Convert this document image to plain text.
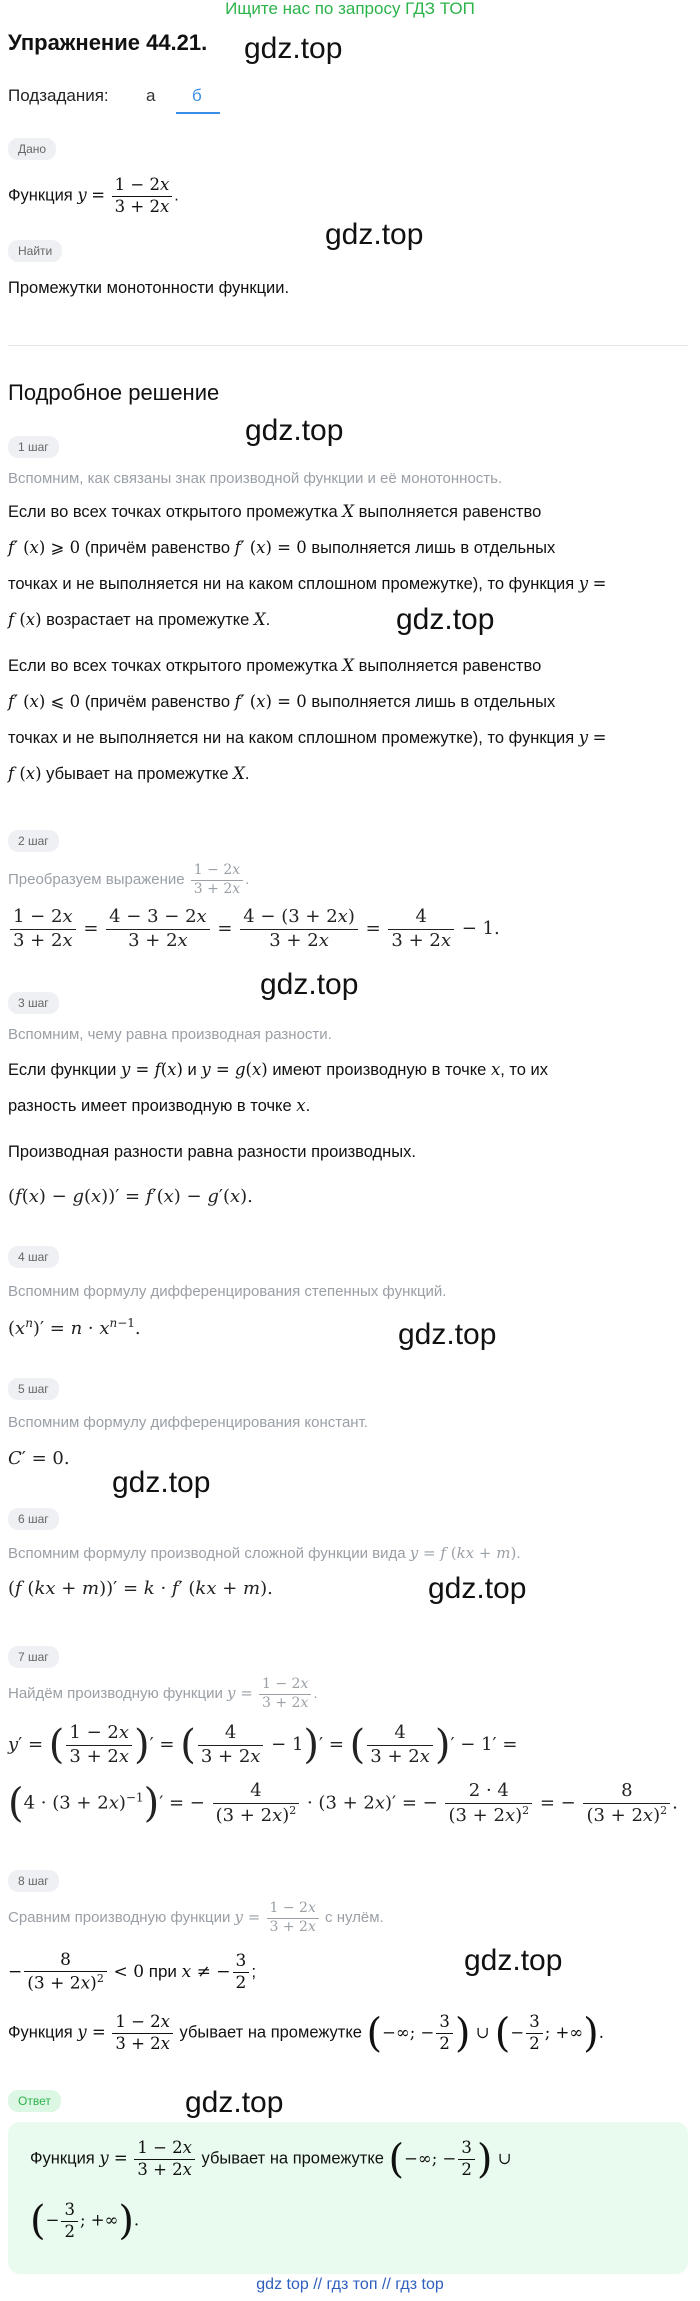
Ищите нас по запросу ГДЗ ТОП
Упражнение 44.21. gdz.top
Подзадания: а б
Дано
Функция $y = \frac{1 - 2x}{3 + 2x}$ .
gdz.top
Найти
Промежутки монотонности функции.
Подробное решение
gdz.top
1 шаг
Вспомним, как связаны знак производной функции и её монотонность.
Если во всех точках открытого промежутка X выполняется равенство
f′ (x) ⩾ 0 (причём равенство f′ (x) = 0 выполняется лишь в отдельных
точках и не выполняется ни на каком сплошном промежутке), то функция y =
f (x) возрастает на промежутке X.	gdz.top
Если во всех точках открытого промежутка X выполняется равенство
f′ (x) ⩽ 0 (причём равенство f′ (x) = 0 выполняется лишь в отдельных
точках и не выполняется ни на каком сплошном промежутке), то функция y =
f (x) убывает на промежутке X.
2 шаг
Преобразуем выражение $\frac{1 - 2x}{3 + 2x}$ .
$\frac{1 - 2x}{3 + 2x} = \frac{4 - 3 - 2x}{3 + 2x} = \frac{4 - (3 + 2x)}{3 + 2x} = \frac{4}{3 + 2x} - 1$.
gdz.top
3 шаг
Вспомним, чему равна производная разности.
Если функции y = f(x) и y = g(x) имеют производную в точке x, то их
разность имеет производную в точке x.
Производная разности равна разности производных.
(f(x) − g(x))′ = f′(x) − g′(x).
4 шаг
Вспомним формулу дифференцирования степенных функций.
$(x^n)' = n \cdot x^{n-1}$.	gdz.top
5 шаг
Вспомним формулу дифференцирования констант.
C′ = 0.
gdz.top
6 шаг
Вспомним формулу производной сложной функции вида y = f (kx + m).
(f (kx + m))′ = k · f′ (kx + m).	gdz.top
7 шаг
Найдём производную функции $y = \frac{1 - 2x}{3 + 2x}$ .
y′ = ( $\frac{1 - 2x}{3 + 2x}$ )′ = ( $\frac{4}{3 + 2x} - 1)'$ = ( $\frac{4}{3 + 2x}$ )′ − 1′ =
$(4 \cdot (3 + 2x)^{-1})'$ = − $\frac{4}{(3 + 2x)^2} \cdot (3 + 2x)'$ = − $\frac{2 \cdot 4}{(3 + 2x)^2}$ = − $\frac{8}{(3 + 2x)^2}$ .
8 шаг
Сравним производную функции $y = \frac{1 - 2x}{3 + 2x}$ с нулём.
− $\frac{8}{(3 + 2x)^2} < 0$ при x ≠ − $\frac{3}{2}$ ;	gdz.top
Функция $y = \frac{1 - 2x}{3 + 2x}$ убывает на промежутке (−∞; − $\frac{3}{2}$ ) ∪ (− $\frac{3}{2}$ ; +∞).
Ответ	gdz.top
Функция $y = \frac{1 - 2x}{3 + 2x}$ убывает на промежутке (−∞; − $\frac{3}{2}$ ) ∪
(− $\frac{3}{2}$ ; +∞).
gdz top // гдз топ // гдз top
